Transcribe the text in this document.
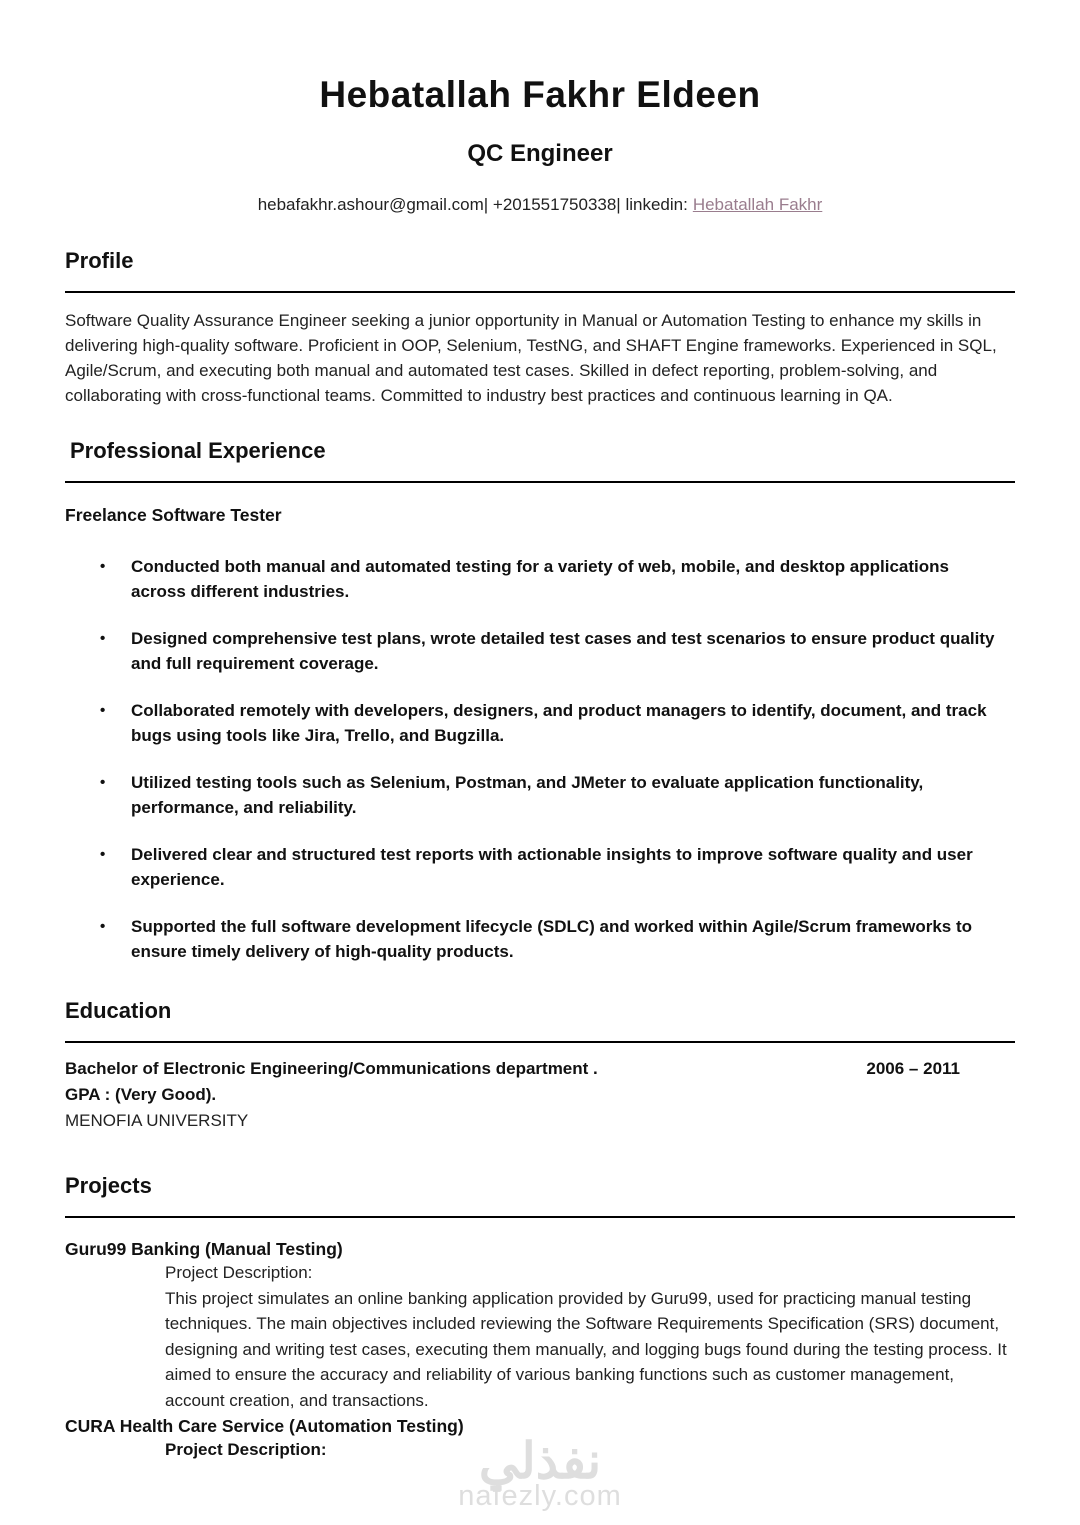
Hebatallah Fakhr Eldeen
QC Engineer
hebafakhr.ashour@gmail.com| +201551750338| linkedin: Hebatallah Fakhr
Profile

Software Quality Assurance Engineer seeking a junior opportunity in Manual or Automation Testing to enhance my skills in delivering high-quality software. Proficient in OOP, Selenium, TestNG, and SHAFT Engine frameworks. Experienced in SQL, Agile/Scrum, and executing both manual and automated test cases. Skilled in defect reporting, problem-solving, and collaborating with cross-functional teams. Committed to industry best practices and continuous learning in QA.

Professional Experience
Freelance Software Tester
•	Conducted both manual and automated testing for a variety of web, mobile, and desktop applications across different industries.
•	Designed comprehensive test plans, wrote detailed test cases and test scenarios to ensure product quality and full requirement coverage.
•	Collaborated remotely with developers, designers, and product managers to identify, document, and track bugs using tools like Jira, Trello, and Bugzilla.
•	Utilized testing tools such as Selenium, Postman, and JMeter to evaluate application functionality, performance, and reliability.
•	Delivered clear and structured test reports with actionable insights to improve software quality and user experience.
•	Supported the full software development lifecycle (SDLC) and worked within Agile/Scrum frameworks to ensure timely delivery of high-quality products.
Education
Bachelor of Electronic Engineering/Communications department .	2006 – 2011
GPA : (Very Good).
MENOFIA UNIVERSITY
Projects
Guru99 Banking (Manual Testing)
Project Description:
This project simulates an online banking application provided by Guru99, used for practicing manual testing techniques. The main objectives included reviewing the Software Requirements Specification (SRS) document, designing and writing test cases, executing them manually, and logging bugs found during the testing process. It aimed to ensure the accuracy and reliability of various banking functions such as customer management, account creation, and transactions.
CURA Health Care Service (Automation Testing)
Project Description:	نفذلي
nafezly.com
